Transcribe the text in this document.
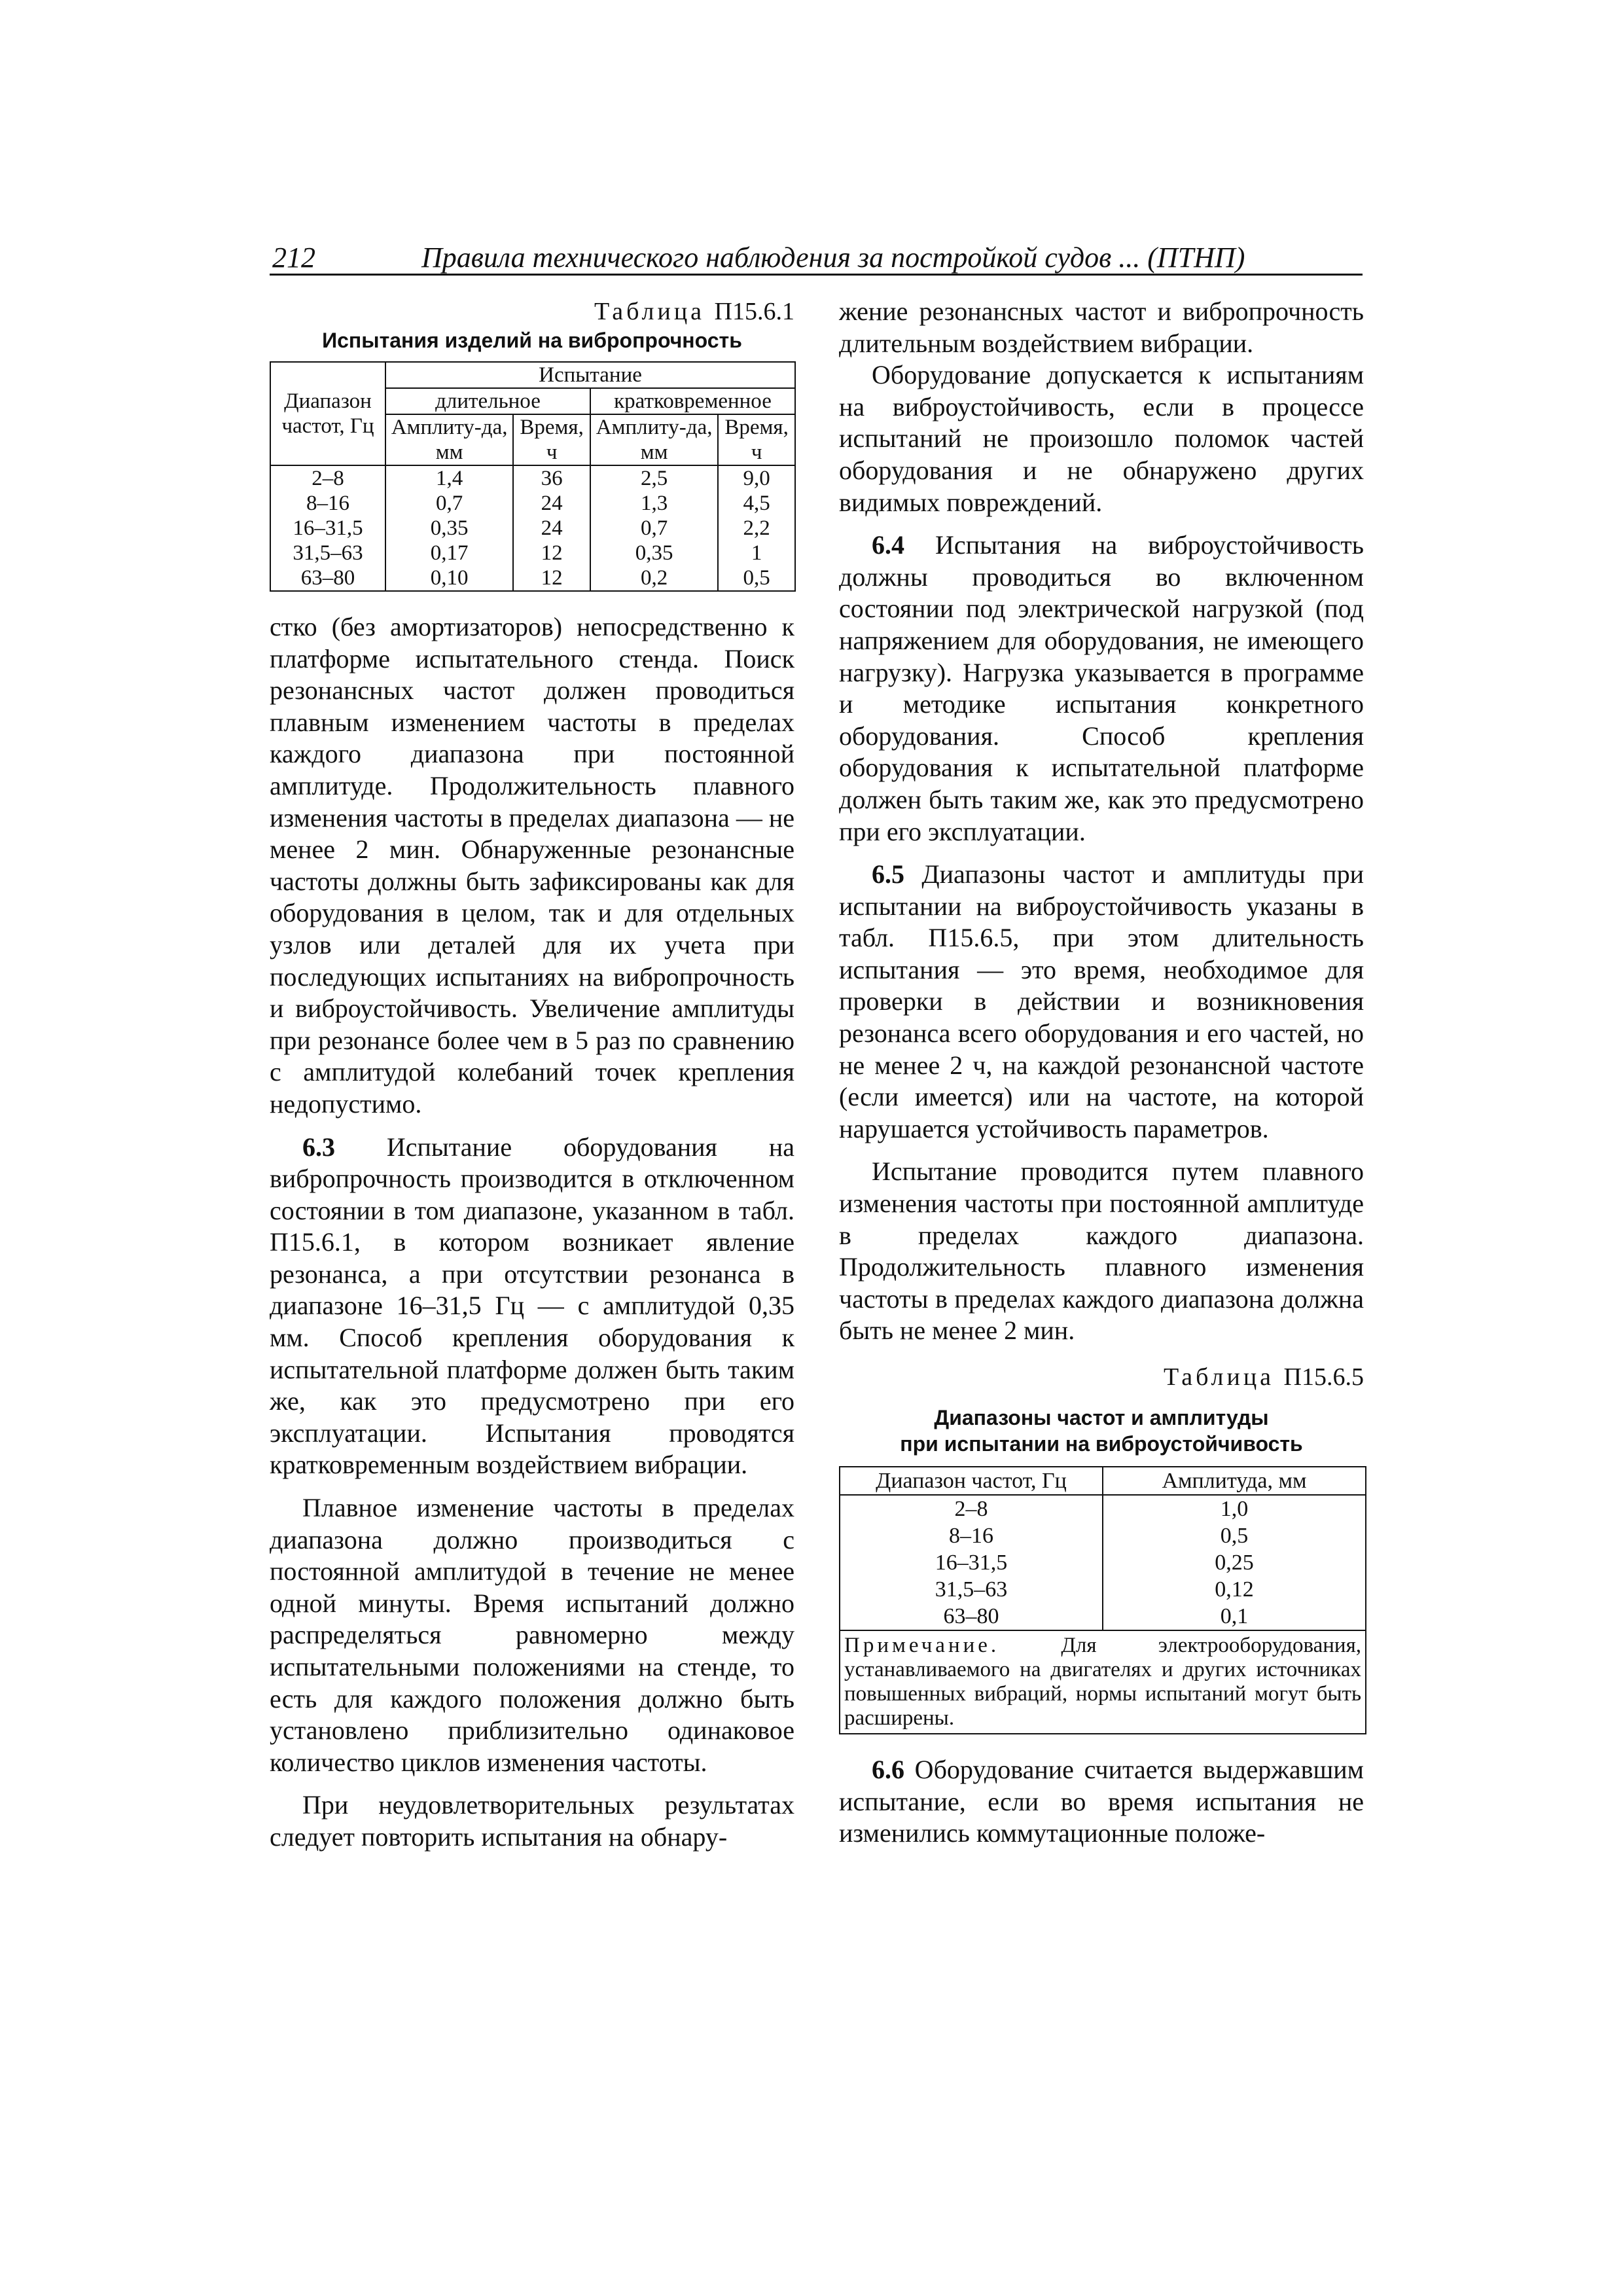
212	Правила технического наблюдения за постройкой судов ... (ПТНП)
Таблица П15.6.1
Испытания изделий на вибропрочность
Диапазон частот, Гц	Испытание			
	длительное		кратковременное	
	Амплиту-да, мм	Время, ч	Амплиту-да, мм	Время, ч
2–8	1,4	36	2,5	9,0
8–16	0,7	24	1,3	4,5
16–31,5	0,35	24	0,7	2,2
31,5–63	0,17	12	0,35	1
63–80	0,10	12	0,2	0,5

стко (без амортизаторов) непосредственно к платформе испытательного стенда. Поиск резонансных частот должен проводиться плавным изменением частоты в пределах каждого диапазона при постоянной амплитуде. Продолжительность плавного изменения частоты в пределах диапазона — не менее 2 мин. Обнаруженные резонансные частоты должны быть зафиксированы как для оборудования в целом, так и для отдельных узлов или деталей для их учета при последующих испытаниях на вибропрочность и виброустойчивость. Увеличение амплитуды при резонансе более чем в 5 раз по сравнению с амплитудой колебаний точек крепления недопустимо.

6.3 Испытание оборудования на вибропрочность производится в отключенном состоянии в том диапазоне, указанном в табл. П15.6.1, в котором возникает явление резонанса, а при отсутствии резонанса в диапазоне 16–31,5 Гц — с амплитудой 0,35 мм. Способ крепления оборудования к испытательной платформе должен быть таким же, как это предусмотрено при его эксплуатации. Испытания проводятся кратковременным воздействием вибрации.

Плавное изменение частоты в пределах диапазона должно производиться с постоянной амплитудой в течение не менее одной минуты. Время испытаний должно распределяться равномерно между испытательными положениями на стенде, то есть для каждого положения должно быть установлено приблизительно одинаковое количество циклов изменения частоты.

При неудовлетворительных результатах следует повторить испытания на обнару-

жение резонансных частот и вибропрочность длительным воздействием вибрации.

Оборудование допускается к испытаниям на виброустойчивость, если в процессе испытаний не произошло поломок частей оборудования и не обнаружено других видимых повреждений.

6.4 Испытания на виброустойчивость должны проводиться во включенном состоянии под электрической нагрузкой (под напряжением для оборудования, не имеющего нагрузку). Нагрузка указывается в программе и методике испытания конкретного оборудования. Способ крепления оборудования к испытательной платформе должен быть таким же, как это предусмотрено при его эксплуатации.

6.5 Диапазоны частот и амплитуды при испытании на виброустойчивость указаны в табл. П15.6.5, при этом длительность испытания — это время, необходимое для проверки в действии и возникновения резонанса всего оборудования и его частей, но не менее 2 ч, на каждой резонансной частоте (если имеется) или на частоте, на которой нарушается устойчивость параметров.

Испытание проводится путем плавного изменения частоты при постоянной амплитуде в пределах каждого диапазона. Продолжительность плавного изменения частоты в пределах каждого диапазона должна быть не менее 2 мин.

Таблица П15.6.5
Диапазоны частот и амплитуды
при испытании на виброустойчивость
Диапазон частот, Гц	Амплитуда, мм
2–8	1,0
8–16	0,5
16–31,5	0,25
31,5–63	0,12
63–80	0,1
Примечание. Для электрооборудования, устанавливаемого на двигателях и других источниках повышенных вибраций, нормы испытаний могут быть расширены.	

6.6 Оборудование считается выдержавшим испытание, если во время испытания не изменились коммутационные положе-
